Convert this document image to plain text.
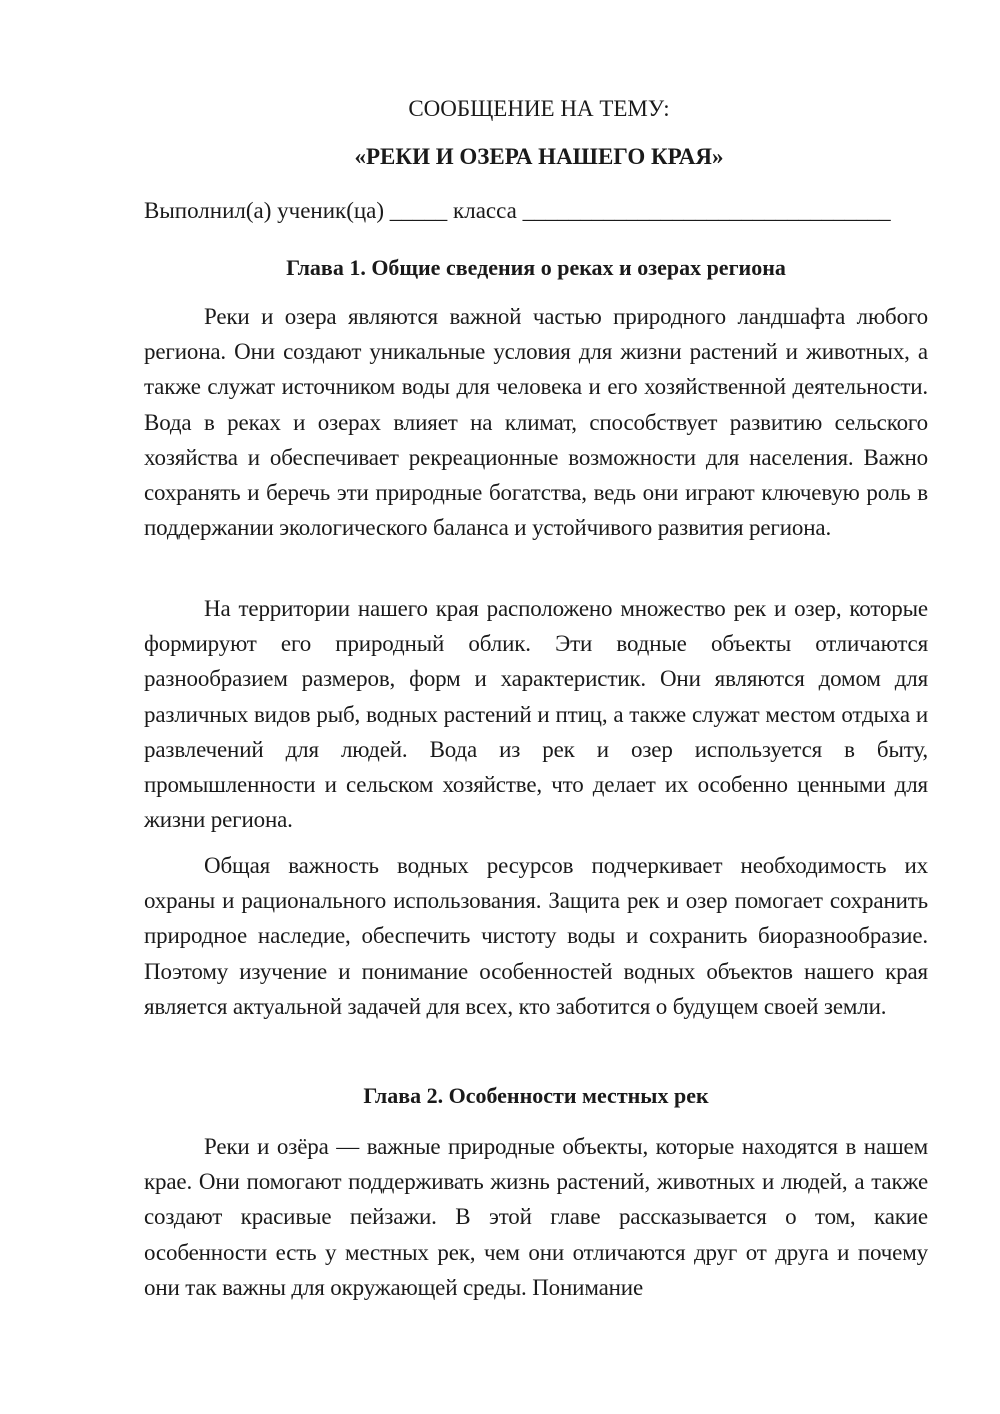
СООБЩЕНИЕ НА ТЕМУ:
«РЕКИ И ОЗЕРА НАШЕГО КРАЯ»
Выполнил(а) ученик(ца) _____ класса ________________________________
Глава 1. Общие сведения о реках и озерах региона

Реки и озера являются важной частью природного ландшафта любого региона. Они создают уникальные условия для жизни растений и животных, а также служат источником воды для человека и его хозяйственной деятельности. Вода в реках и озерах влияет на климат, способствует развитию сельского хозяйства и обеспечивает рекреационные возможности для населения. Важно сохранять и беречь эти природные богатства, ведь они играют ключевую роль в поддержании экологического баланса и устойчивого развития региона.

На территории нашего края расположено множество рек и озер, которые формируют его природный облик. Эти водные объекты отличаются разнообразием размеров, форм и характеристик. Они являются домом для различных видов рыб, водных растений и птиц, а также служат местом отдыха и развлечений для людей. Вода из рек и озер используется в быту, промышленности и сельском хозяйстве, что делает их особенно ценными для жизни региона.

Общая важность водных ресурсов подчеркивает необходимость их охраны и рационального использования. Защита рек и озер помогает сохранить природное наследие, обеспечить чистоту воды и сохранить биоразнообразие. Поэтому изучение и понимание особенностей водных объектов нашего края является актуальной задачей для всех, кто заботится о будущем своей земли.

Глава 2. Особенности местных рек

Реки и озёра — важные природные объекты, которые находятся в нашем крае. Они помогают поддерживать жизнь растений, животных и людей, а также создают красивые пейзажи. В этой главе рассказывается о том, какие особенности есть у местных рек, чем они отличаются друг от друга и почему они так важны для окружающей среды. Понимание
